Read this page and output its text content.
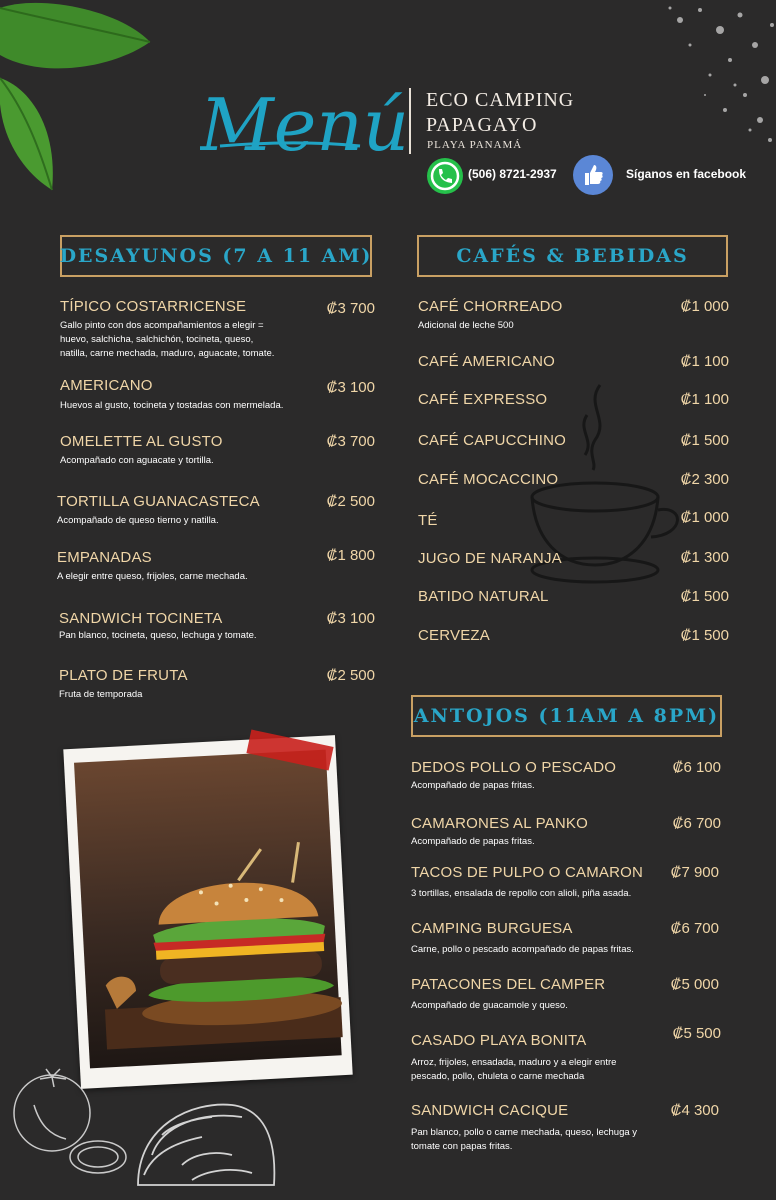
Menú ECO CAMPING
PAPAGAYO
PLAYA PANAMÁ
(506) 8721-2937	Síganos en facebook
DESAYUNOS (7 A 11 AM)
TÍPICO COSTARRICENSE	₡3 700
Gallo pinto con dos acompañamientos a elegir =
huevo, salchicha, salchichón, tocineta, queso,
natilla, carne mechada, maduro, aguacate, tomate.
AMERICANO	₡3 100
Huevos al gusto, tocineta y tostadas con mermelada.
OMELETTE AL GUSTO	₡3 700
Acompañado con aguacate y tortilla.
TORTILLA GUANACASTECA	₡2 500
Acompañado de queso tierno y natilla.
EMPANADAS	₡1 800
A elegir entre queso, frijoles, carne mechada.
SANDWICH TOCINETA	₡3 100
Pan blanco, tocineta, queso, lechuga y tomate.
PLATO DE FRUTA	₡2 500
Fruta de temporada
CAFÉS & BEBIDAS
CAFÉ CHORREADO	₡1 000
Adicional de leche 500
CAFÉ AMERICANO	₡1 100
CAFÉ EXPRESSO	₡1 100
CAFÉ CAPUCCHINO	₡1 500
CAFÉ MOCACCINO	₡2 300
TÉ	₡1 000
JUGO DE NARANJA	₡1 300
BATIDO NATURAL	₡1 500
CERVEZA	₡1 500
ANTOJOS (11AM A 8PM)
DEDOS POLLO O PESCADO	₡6 100
Acompañado de papas fritas.
CAMARONES AL PANKO	₡6 700
Acompañado de papas fritas.
TACOS DE PULPO O CAMARON	₡7 900
3 tortillas, ensalada de repollo con alioli, piña asada.
CAMPING BURGUESA	₡6 700
Carne, pollo o pescado acompañado de papas fritas.
PATACONES DEL CAMPER	₡5 000
Acompañado de guacamole y queso.
CASADO PLAYA BONITA	₡5 500
Arroz, frijoles, ensadada, maduro y a elegir entre
pescado, pollo, chuleta o carne mechada
SANDWICH CACIQUE	₡4 300
Pan blanco, pollo o carne mechada, queso, lechuga y
tomate con papas fritas.
